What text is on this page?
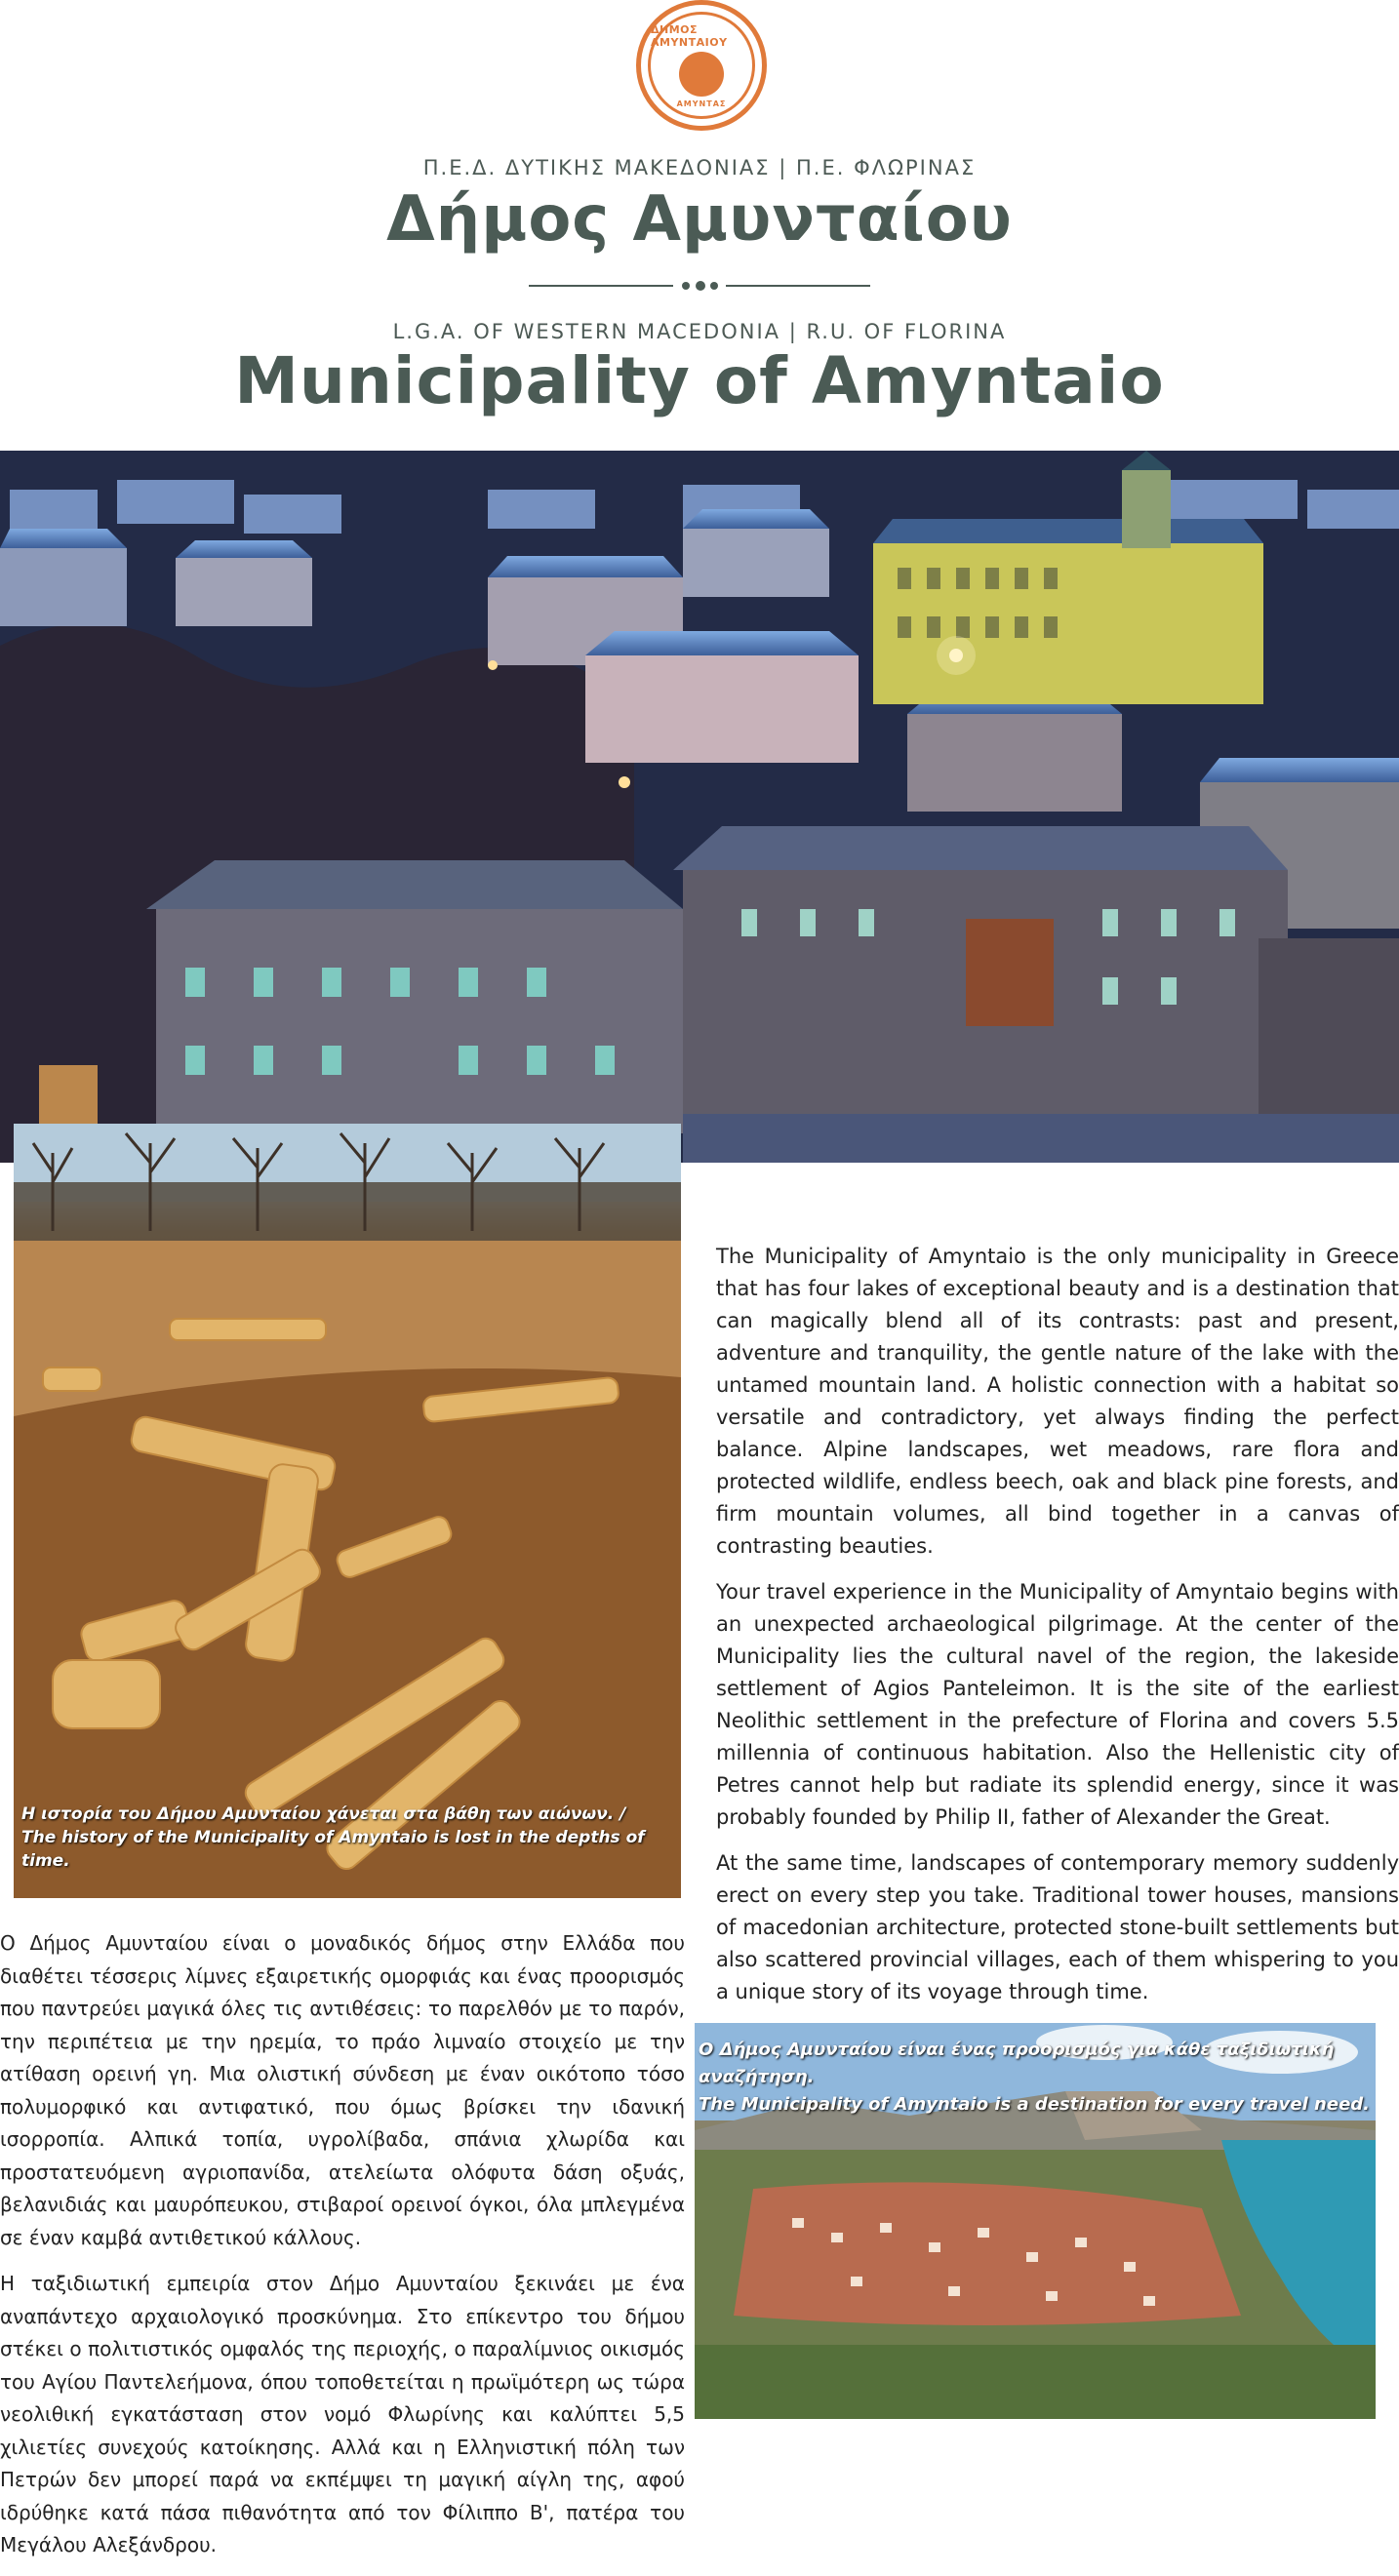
ΔΗΜΟΣ ΑΜΥΝΤΑΙΟΥ
ΑΜΥΝΤΑΣ
Π.Ε.Δ. ΔΥΤΙΚΗΣ ΜΑΚΕΔΟΝΙΑΣ | Π.Ε. ΦΛΩΡΙΝΑΣ
Δήμος Αμυνταίου
L.G.A. OF WESTERN MACEDONIA | R.U. OF FLORINA
Municipality of Amyntaio
Η ιστορία του Δήμου Αμυνταίου χάνεται στα βάθη των αιώνων. /
The history of the Municipality of Amyntaio is lost in the depths of time.

The Municipality of Amyntaio is the only municipality in Greece that has four lakes of exceptional beauty and is a destination that can magically blend all of its contrasts: past and present, adventure and tranquility, the gentle nature of the lake with the untamed mountain land. A holistic connection with a habitat so versatile and contradictory, yet always finding the perfect balance. Alpine landscapes, wet meadows, rare flora and protected wildlife, endless beech, oak and black pine forests, and firm mountain volumes, all bind together in a canvas of contrasting beauties.

Your travel experience in the Municipality of Amyntaio begins with an unexpected archaeological pilgrimage. At the center of the Municipality lies the cultural navel of the region, the lakeside settlement of Agios Panteleimon. It is the site of the earliest Neolithic settlement in the prefecture of Florina and covers 5.5 millennia of continuous habitation. Also the Hellenistic city of Petres cannot help but radiate its splendid energy, since it was probably founded by Philip II, father of Alexander the Great.

At the same time, landscapes of contemporary memory suddenly erect on every step you take. Traditional tower houses, mansions of macedonian architecture, protected stone-built settlements but also scattered provincial villages, each of them whispering to you a unique story of its voyage through time.

Ο Δήμος Αμυνταίου είναι ένας προορισμός για κάθε ταξιδιωτική αναζήτηση.
The Municipality of Amyntaio is a destination for every travel need.

Ο Δήμος Αμυνταίου είναι ο μοναδικός δήμος στην Ελλάδα που διαθέτει τέσσερις λίμνες εξαιρετικής ομορφιάς και ένας προορισμός που παντρεύει μαγικά όλες τις αντιθέσεις: το παρελθόν με το παρόν, την περιπέτεια με την ηρεμία, το πράο λιμναίο στοιχείο με την ατίθαση ορεινή γη. Μια ολιστική σύνδεση με έναν οικότοπο τόσο πολυμορφικό και αντιφατικό, που όμως βρίσκει την ιδανική ισορροπία. Αλπικά τοπία, υγρολίβαδα, σπάνια χλωρίδα και προστατευόμενη αγριοπανίδα, ατελείωτα ολόφυτα δάση οξυάς, βελανιδιάς και μαυρόπευκου, στιβαροί ορεινοί όγκοι, όλα μπλεγμένα σε έναν καμβά αντιθετικού κάλλους.

Η ταξιδιωτική εμπειρία στον Δήμο Αμυνταίου ξεκινάει με ένα αναπάντεχο αρχαιολογικό προσκύνημα. Στο επίκεντρο του δήμου στέκει ο πολιτιστικός ομφαλός της περιοχής, ο παραλίμνιος οικισμός του Αγίου Παντελεήμονα, όπου τοποθετείται η πρωϊμότερη ως τώρα νεολιθική εγκατάσταση στον νομό Φλωρίνης και καλύπτει 5,5 χιλιετίες συνεχούς κατοίκησης. Αλλά και η Ελληνιστική πόλη των Πετρών δεν μπορεί παρά να εκπέμψει τη μαγική αίγλη της, αφού ιδρύθηκε κατά πάσα πιθανότητα από τον Φίλιππο Β', πατέρα του Μεγάλου Αλεξάνδρου.
